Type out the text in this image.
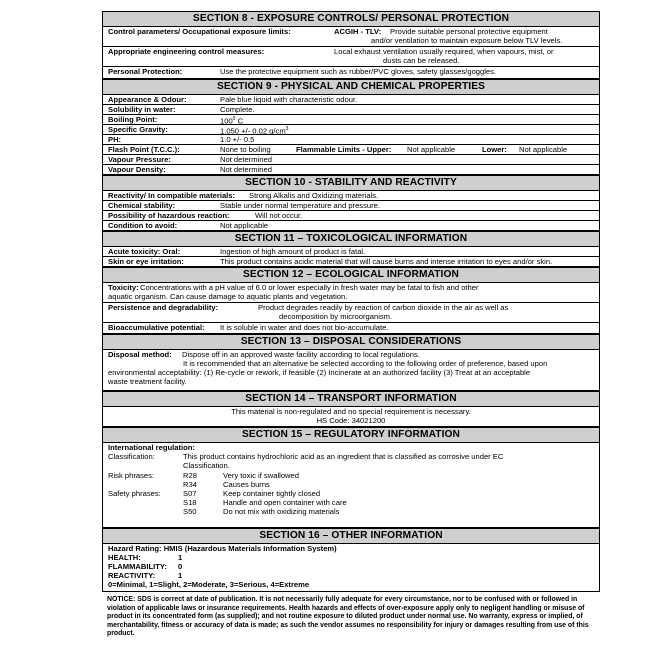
SECTION 8 - EXPOSURE CONTROLS/ PERSONAL PROTECTION
Control parameters/ Occupational exposure limits:	ACGIH - TLV: Provide suitable personal protective equipment
and/or ventilation to maintain exposure below TLV levels.
Appropriate engineering control measures:	Local exhaust ventilation usually required, when vapours, mist, or
dusts can be released.
Personal Protection:	Use the protective equipment such as rubber/PVC gloves, safety glasses/goggles.
SECTION 9 - PHYSICAL AND CHEMICAL PROPERTIES
Appearance & Odour:	Pale blue liquid with characteristic odour.
Solubility in water:	Complete.
Boiling Point:	$100^0$ C
Specific Gravity:	1.050 +/- 0.02 $g/cm^3$
PH:	1.0 +/- 0.5
Flash Point (T.C.C.):	None to boiling	Flammable Limits - Upper: Not applicable	Lower: Not applicable
Vapour Pressure:	Not determined
Vapour Density:	Not determined
SECTION 10 - STABILITY AND REACTIVITY
Reactivity/ In compatible materials: Strong Alkalis and Oxidizing materials.
Chemical stability:	Stable under normal temperature and pressure.
Possibility of hazardous reaction:	Will not occur.
Condition to avoid:	Not applicable
SECTION 11 – TOXICOLOGICAL INFORMATION
Acute toxicity: Oral:	Ingestion of high amount of product is fatal.
Skin or eye irritation:	This product contains acidic material that will cause burns and intense irritation to eyes and/or skin.
SECTION 12 – ECOLOGICAL INFORMATION
Toxicity: Concentrations with a pH value of 6.0 or lower especially in fresh water may be fatal to fish and other
aquatic organism. Can cause damage to aquatic plants and vegetation.
Persistence and degradability:	Product degrades readily by reaction of carbon dioxide in the air as well as
decomposition by microorganism.
Bioaccumulative potential: It is soluble in water and does not bio-accumulate.
SECTION 13 – DISPOSAL CONSIDERATIONS
Disposal method: Dispose off in an approved waste facility according to local regulations.
It is recommended that an alternative be selected according to the following order of preference, based upon
environmental acceptability: (1) Re-cycle or rework, if feasible (2) Incinerate at an authorized facility (3) Treat at an acceptable
waste treatment facility.
SECTION 14 – TRANSPORT INFORMATION
This material is non-regulated and no special requirement is necessary.
HS Code: 34021200
SECTION 15 – REGULATORY INFORMATION
International regulation:
Classification:	This product contains hydrochloric acid as an ingredient that is classified as corrosive under EC
Classification.
Risk phrases:	R28	Very toxic if swallowed
R34	Causes burns
Safety phrases:	S07	Keep container tightly closed
S18	Handle and open container with care
S50	Do not mix with oxidizing materials
SECTION 16 – OTHER INFORMATION
Hazard Rating: HMIS (Hazardous Materials Information System)
HEALTH:	1
FLAMMABILITY: 0
REACTIVITY:	1
0=Minimal, 1=Slight, 2=Moderate, 3=Serious, 4=Extreme
NOTICE: SDS is correct at date of publication. It is not necessarily fully adequate for every circumstance, nor to be confused with or followed in violation of applicable laws or insurance requirements. Health hazards and effects of over-exposure apply only to negligent handling or misuse of product in its concentrated form (as supplied); and not routine exposure to diluted product under normal use. No warranty, express or implied, of merchantability, fitness or accuracy of data is made; as such the vendor assumes no responsibility for injury or damages resulting from use of this product.
